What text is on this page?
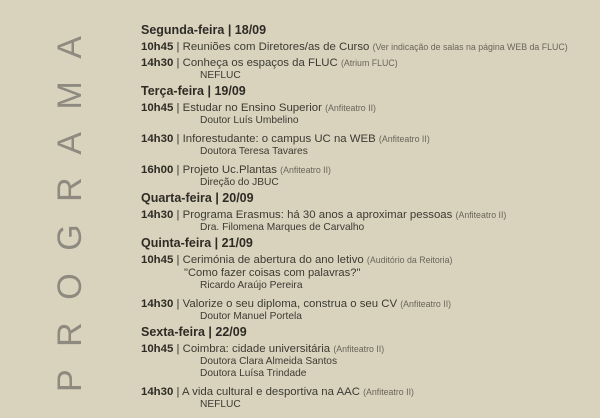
PROGRAMA
Segunda-feira | 18/09
10h45 | Reuniões com Diretores/as de Curso (Ver indicação de salas na página WEB da FLUC)
14h30 | Conheça os espaços da FLUC (Atrium FLUC)
NEFLUC
Terça-feira | 19/09
10h45 | Estudar no Ensino Superior (Anfiteatro II)
Doutor Luís Umbelino
14h30 | Inforestudante: o campus UC na WEB (Anfiteatro II)
Doutora Teresa Tavares
16h00 | Projeto Uc.Plantas (Anfiteatro II)
Direção do JBUC
Quarta-feira | 20/09
14h30 | Programa Erasmus: há 30 anos a aproximar pessoas (Anfiteatro II)
Dra. Filomena Marques de Carvalho
Quinta-feira | 21/09
10h45 | Cerimónia de abertura do ano letivo (Auditório da Reitoria)
"Como fazer coisas com palavras?"
Ricardo Araújo Pereira
14h30 | Valorize o seu diploma, construa o seu CV (Anfiteatro II)
Doutor Manuel Portela
Sexta-feira | 22/09
10h45 | Coimbra: cidade universitária (Anfiteatro II)
Doutora Clara Almeida Santos
Doutora Luísa Trindade
14h30 | A vida cultural e desportiva na AAC (Anfiteatro II)
NEFLUC
